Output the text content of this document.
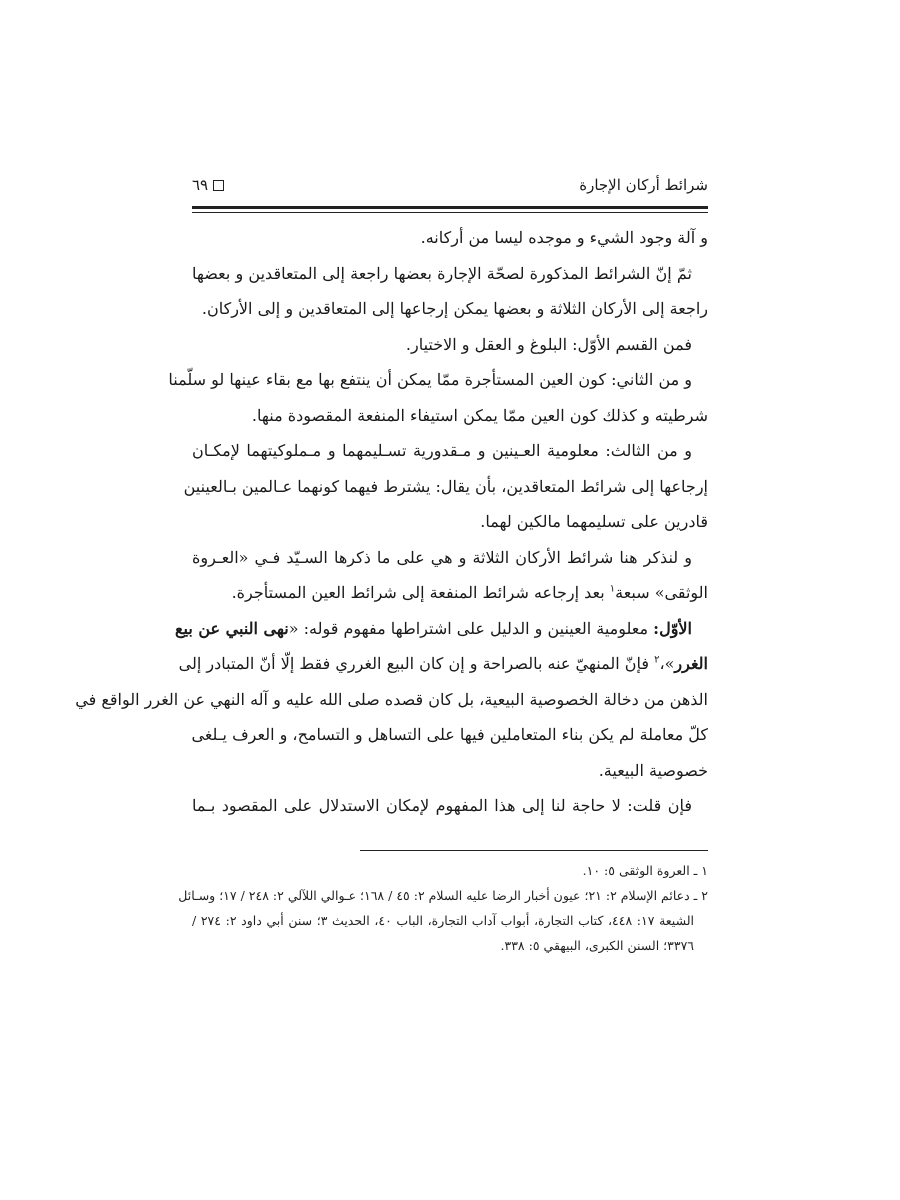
شرائط أركان الإجارة
٦٩
و آلة وجود الشيء و موجده ليسا من أركانه.
ثمّ إنّ الشرائط المذكورة لصحّة الإجارة بعضها راجعة إلى المتعاقدين و بعضها
راجعة إلى الأركان الثلاثة و بعضها يمكن إرجاعها إلى المتعاقدين و إلى الأركان.
فمن القسم الأوّل: البلوغ و العقل و الاختيار.
و من الثاني: كون العين المستأجرة ممّا يمكن أن ينتفع بها مع بقاء عينها لو سلّمنا
شرطيته و كذلك كون العين ممّا يمكن استيفاء المنفعة المقصودة منها.
و من الثالث: معلومية العـينين و مـقدورية تسـليمهما و مـملوكيتهما لإمكـان
إرجاعها إلى شرائط المتعاقدين، بأن يقال: يشترط فيهما كونهما عـالمين بـالعينين
قادرين على تسليمهما مالكين لهما.
و لنذكر هنا شرائط الأركان الثلاثة و هي على ما ذكرها السـيّد فـي «العـروة
الوثقى» سبعة$^١$ بعد إرجاعه شرائط المنفعة إلى شرائط العين المستأجرة.
الأوّل: معلومية العينين و الدليل على اشتراطها مفهوم قوله: «نهى النبي عن بيع
الغرر»،$^٢$ فإنّ المنهيّ عنه بالصراحة و إن كان البيع الغرري فقط إلّا أنّ المتبادر إلى
الذهن من دخالة الخصوصية البيعية، بل كان قصده صلى الله عليه و آله النهي عن الغرر الواقع في
كلّ معاملة لم يكن بناء المتعاملين فيها على التساهل و التسامح، و العرف يـلغى
خصوصية البيعية.
فإن قلت: لا حاجة لنا إلى هذا المفهوم لإمكان الاستدلال على المقصود بـما
١ ـ العروة الوثقى ٥: ١٠.
٢ ـ دعائم الإسلام ٢: ٢١؛ عيون أخبار الرضا عليه السلام ٢: ٤٥ / ١٦٨؛ عـوالي اللآلي ٢: ٢٤٨ / ١٧؛ وسـائل
الشيعة ١٧: ٤٤٨، كتاب التجارة، أبواب آداب التجارة، الباب ٤٠، الحديث ٣؛ سنن أبي داود ٢: ٢٧٤ /
٣٣٧٦؛ السنن الكبرى، البيهقي ٥: ٣٣٨.
